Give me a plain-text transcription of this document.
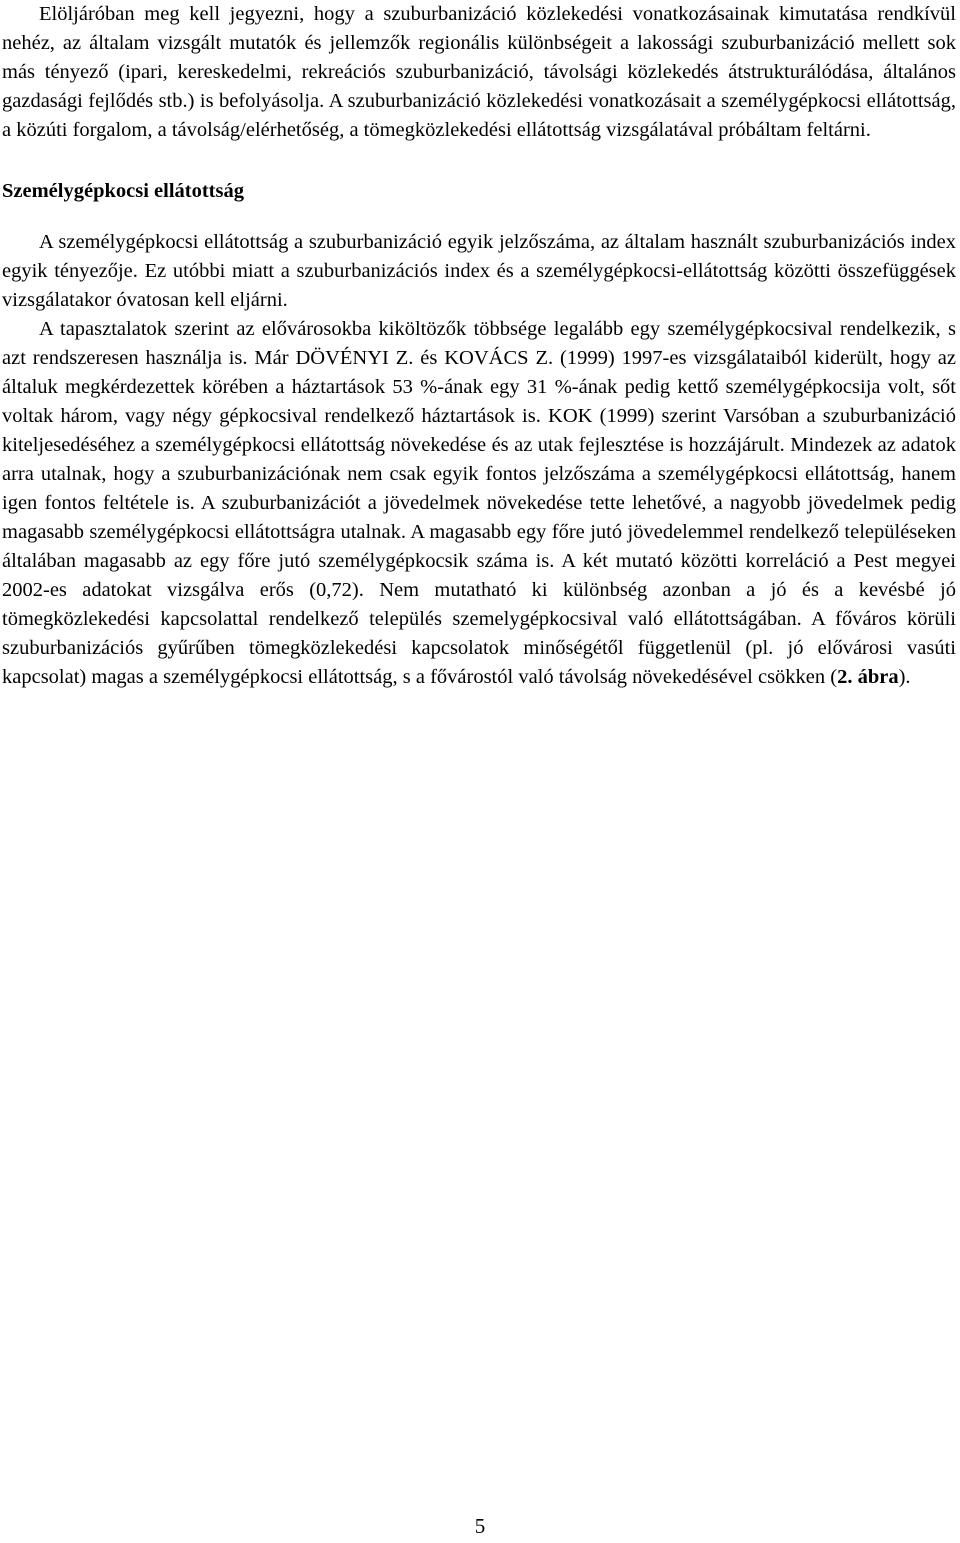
Elöljáróban meg kell jegyezni, hogy a szuburbanizáció közlekedési vonatkozásainak kimutatása rendkívül nehéz, az általam vizsgált mutatók és jellemzők regionális különbségeit a lakossági szuburbanizáció mellett sok más tényező (ipari, kereskedelmi, rekreációs szuburbanizáció, távolsági közlekedés átstrukturálódása, általános gazdasági fejlődés stb.) is befolyásolja. A szuburbanizáció közlekedési vonatkozásait a személygépkocsi ellátottság, a közúti forgalom, a távolság/elérhetőség, a tömegközlekedési ellátottság vizsgálatával próbáltam feltárni.

Személygépkocsi ellátottság

A személygépkocsi ellátottság a szuburbanizáció egyik jelzőszáma, az általam használt szuburbanizációs index egyik tényezője. Ez utóbbi miatt a szuburbanizációs index és a személygépkocsi-ellátottság közötti összefüggések vizsgálatakor óvatosan kell eljárni.

A tapasztalatok szerint az elővárosokba kiköltözők többsége legalább egy személygépkocsival rendelkezik, s azt rendszeresen használja is. Már DÖVÉNYI Z. és KOVÁCS Z. (1999) 1997-es vizsgálataiból kiderült, hogy az általuk megkérdezettek körében a háztartások 53 %-ának egy 31 %-ának pedig kettő személygépkocsija volt, sőt voltak három, vagy négy gépkocsival rendelkező háztartások is. KOK (1999) szerint Varsóban a szuburbanizáció kiteljesedéséhez a személygépkocsi ellátottság növekedése és az utak fejlesztése is hozzájárult. Mindezek az adatok arra utalnak, hogy a szuburbanizációnak nem csak egyik fontos jelzőszáma a személygépkocsi ellátottság, hanem igen fontos feltétele is. A szuburbanizációt a jövedelmek növekedése tette lehetővé, a nagyobb jövedelmek pedig magasabb személygépkocsi ellátottságra utalnak. A magasabb egy főre jutó jövedelemmel rendelkező településeken általában magasabb az egy főre jutó személygépkocsik száma is. A két mutató közötti korreláció a Pest megyei 2002-es adatokat vizsgálva erős (0,72). Nem mutatható ki különbség azonban a jó és a kevésbé jó tömegközlekedési kapcsolattal rendelkező település szemelygépkocsival való ellátottságában. A főváros körüli szuburbanizációs gyűrűben tömegközlekedési kapcsolatok minőségétől függetlenül (pl. jó elővárosi vasúti kapcsolat) magas a személygépkocsi ellátottság, s a fővárostól való távolság növekedésével csökken (2. ábra).

5
